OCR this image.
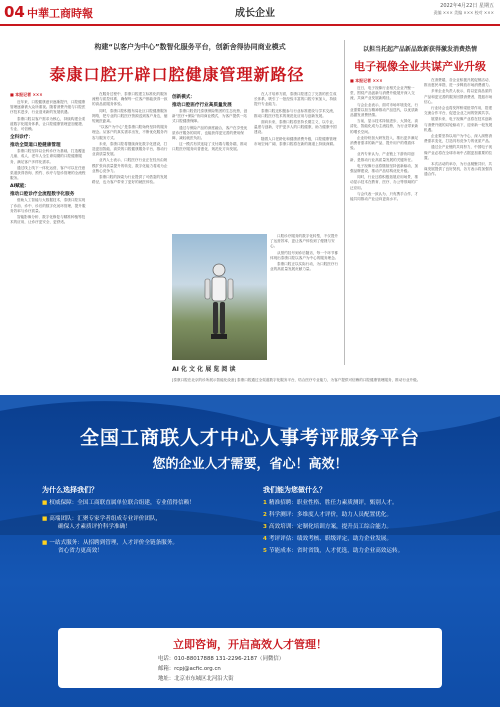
04 中華工商時報	成长企业
2022年4月22日 星期五
责编 ××× 美编 ××× 校对 ×××
构建“以客户为中心”数智化服务平台，创新舍得协同商业模式
泰康口腔开辟口腔健康管理新路径
■ 本报记者 ×××

近年来，口腔健康意识逐渐提升，口腔健康管理逐渐被大众所重视。随着消费升级与口腔医疗技术进步，行业迎来新的发展机遇。

泰康口腔以客户需求为核心，持续构建全渠道数字化服务体系，让口腔健康管理更加便捷、专业、可信赖。

全科诊疗：
推动全渠道口腔健康管理

泰康口腔坚持以全科诊疗为基础，打造覆盖儿童、成人、老年人全生命周期的口腔健康服务，满足客户多样化需求。

通过线上线下一体化运营，客户可以在任意渠道获得咨询、预约、诊疗与复诊管理的全流程服务。

AI赋能：
推动口腔诊疗全流程数字化服务

借助人工智能与大数据技术，泰康口腔实现了诊前、诊中、诊后的数字化闭环管理，提升服务效率与诊疗质量。

智能影像分析、数字化修复与精准种植等技术的应用，让诊疗更安全、更舒适。

在服务过程中，泰康口腔建立标准化的服务流程与质控体系，确保每一位客户都能获得一致的高品质服务体验。

同时，泰康口腔积极布局社区口腔健康服务网络，把专业的口腔医疗资源送到客户身边，缩短就医距离。

“以客户为中心”是泰康口腔始终坚持的服务理念。从客户的真实需求出发，不断优化服务内容与服务方式。

未来，泰康口腔将继续深化数字化建设，打造更加智能、高效的口腔健康服务平台，推动行业高质量发展。

业内人士表示，口腔医疗行业正在经历由规模扩张向质量提升的转变，数字化能力将成为企业核心竞争力。

泰康口腔的探索为行业提供了可借鉴的发展路径，也为客户带来了更好的就医体验。

创新模式：
推动口腔医疗行业高质量发展

泰康口腔依托泰康保险集团的生态优势，创新“医疗+保险”协同商业模式，为客户提供一站式口腔健康保障。

通过与保险产品的深度融合，客户在享受优质诊疗服务的同时，也能获得更完善的费用保障，减轻就医负担。

这一模式有效连接了支付端与服务端，推动口腔医疗服务向普惠化、规范化方向发展。

在人才培养方面，泰康口腔建立了完善的医生成长体系，吸引了一批经验丰富的口腔专家加入，持续提升专业能力。

泰康口腔还积极参与行业标准建设与学术交流，推动口腔医疗技术的规范化应用与创新发展。

面向未来，泰康口腔将坚持长期主义，以专业、温度与创新，守护更多人的口腔健康，助力健康中国建设。

随着人口老龄化和健康消费升级，口腔健康管理市场空间广阔，泰康口腔将在新的赛道上持续深耕。

口腔诊疗服务的数字化转型，不仅提升了运营效率，更让客户体验到了便捷与安心。

从预约挂号到诊后随访，每一个环节都体现出泰康口腔以客户为中心的服务理念。

泰康口腔正以实际行动，为口腔医疗行业的高质量发展贡献力量。

AI 化 文 化 展 览 阅 读
[泰康口腔在北京的诊所展示智能化设备] 泰康口腔通过全渠道数字化服务平台，结合医疗专业能力，为客户提供可信赖的口腔健康管理服务，推动行业升级。
以担当托起产品新品致新获得激发消费热情
电子视像全业共谋产业升级
■ 本报记者 ×××

近日，电子视像行业相关企业齐聚一堂，围绕产品创新与消费升级展开深入交流，共商产业发展新路径。

与会企业表示，面对市场环境变化，行业需要以担当精神推动产品迭代，以优质新品激发消费热情。

当前，显示技术持续进步，大屏化、高清化、智能化成为主流趋势，为行业带来新的增长空间。

企业纷纷加大研发投入，推出更多满足消费者需求的新产品，提升用户的观看体验。

业内专家认为，产业链上下游协同创新，是推动行业高质量发展的关键所在。

电子视像行业将继续坚持创新驱动，加强品牌建设，推动产品结构优化升级。

同时，行业还将积极拓展应用场景，推动显示技术在教育、医疗、办公等领域的广泛应用。

与会代表一致认为，只有携手合作，才能共同推动产业迈向更高水平。

在消费端，各企业积极开展促销活动，推出惠民举措，进一步释放市场消费潜力。

多家企业负责人表示，将以更高品质的产品和更完善的服务回馈消费者，提振市场信心。

行业协会也将发挥桥梁纽带作用，搭建交流合作平台，促进企业之间的资源共享。

展望未来，电子视像产业将在技术创新与消费升级的双轮驱动下，迎来新一轮发展机遇。

企业要坚持以用户为中心，深入洞察消费需求变化，打造具有竞争力的优质产品。

通过全产业链的共同努力，中国电子视像产业必将在全球市场中占据更加重要的位置。

本次活动的举办，为行业凝聚共识、共谋发展提供了良好契机，各方表示将加强沟通合作。

全国工商联人才中心人事考评服务平台
您的企业人才需要，省心！高效！
为什么选择我们？	我们能为您做什么？
■ 权威保障：全国工商联直属单位联合组建，专业值得信赖！
■ 高端团队：汇聚专家学者组成专业评价团队，
确保人才素质评价科学准确！
■ 一站式服务：从招聘到管理，人才评价全链条服务。
省心省力更高效！
1 精准招聘：职业性格、胜任力素质测评，甄别人才。
2 科学测评：多维度人才评价，助力人员配置优化。
3 高效培训：定制化培训方案，提升员工综合能力。
4 考评评估：绩效考核、职级评定，助力企业发展。
5 节能成本：省时省钱，人才优选，助力企业高效运转。
立即咨询，开启高效人才管理！
电话：010-88017888 131-2296-2187（同微信）
邮箱：rcpj@acfic.org.cn
地址：北京市东城区北河沿大街
